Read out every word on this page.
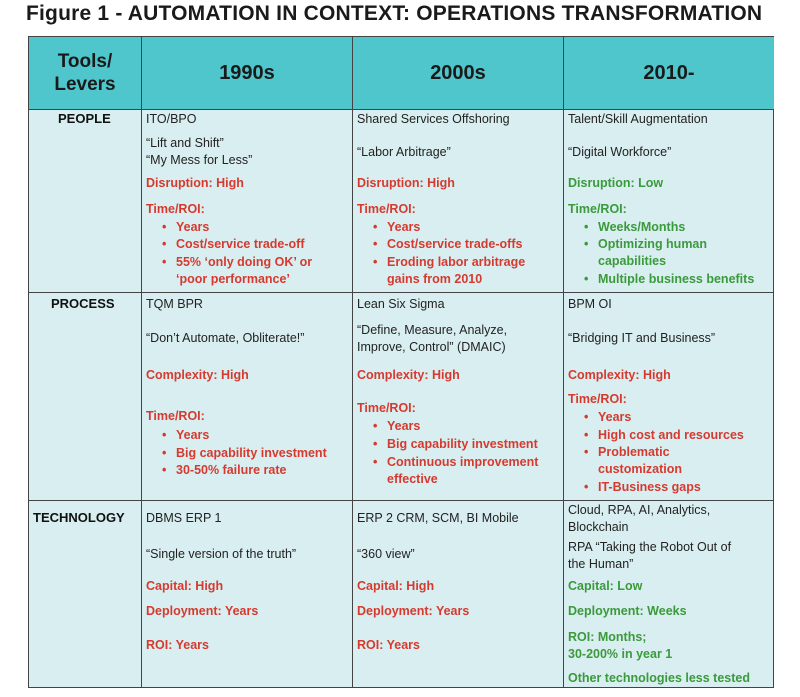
Figure 1 - AUTOMATION IN CONTEXT: OPERATIONS TRANSFORMATION
Tools/
Levers
1990s	2000s	2010-
PEOPLE
PROCESS
TECHNOLOGY
ITO/BPO
“Lift and Shift”
“My Mess for Less”
Disruption: High
Time/ROI:
• Years
• Cost/service trade-off
• 55% ‘only doing OK’ or
‘poor performance’
Shared Services Offshoring
“Labor Arbitrage”
Disruption: High
Time/ROI:
• Years
• Cost/service trade-offs
• Eroding labor arbitrage
gains from 2010
Talent/Skill Augmentation
“Digital Workforce”
Disruption: Low
Time/ROI:
• Weeks/Months
• Optimizing human
capabilities
• Multiple business benefits
TQM BPR
“Don’t Automate, Obliterate!”
Complexity: High
Time/ROI:
• Years
• Big capability investment
• 30-50% failure rate
Lean Six Sigma
“Define, Measure, Analyze,
Improve, Control” (DMAIC)
Complexity: High
Time/ROI:
• Years
• Big capability investment
• Continuous improvement
effective
BPM OI
“Bridging IT and Business”
Complexity: High
Time/ROI:
• Years
• High cost and resources
• Problematic
customization
• IT-Business gaps
DBMS ERP 1
“Single version of the truth”
Capital: High
Deployment: Years
ROI: Years
ERP 2 CRM, SCM, BI Mobile
“360 view”
Capital: High
Deployment: Years
ROI: Years
Cloud, RPA, AI, Analytics,
Blockchain
RPA “Taking the Robot Out of
the Human”
Capital: Low
Deployment: Weeks
ROI: Months;
30-200% in year 1
Other technologies less tested
